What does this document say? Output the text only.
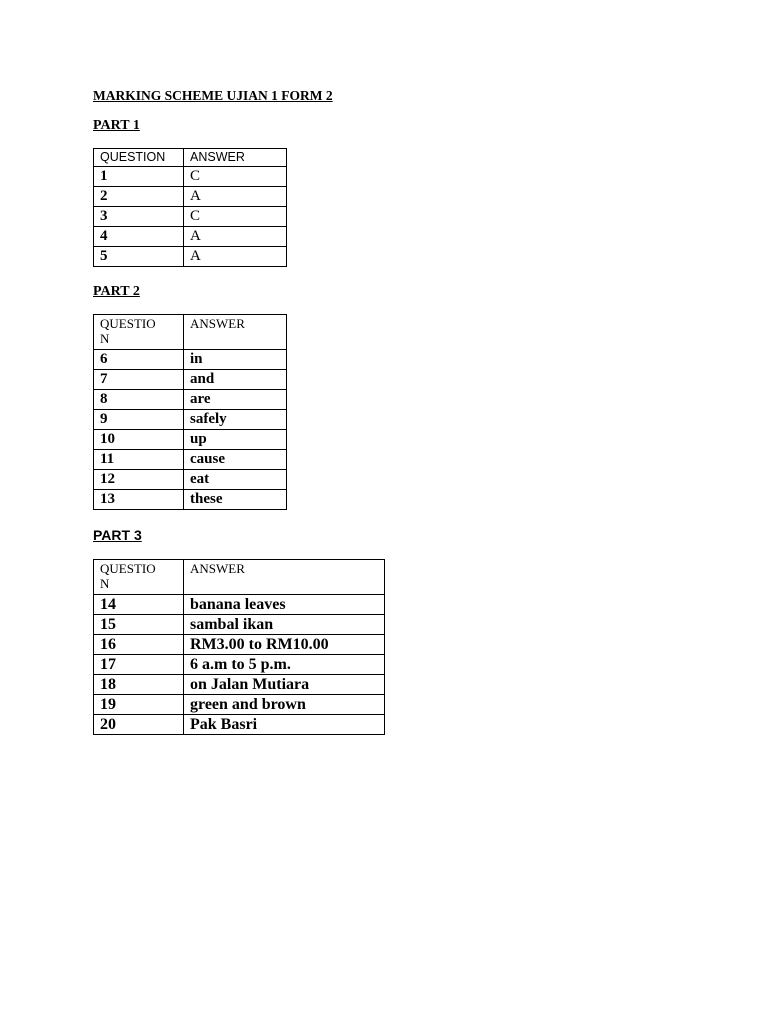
MARKING SCHEME UJIAN 1 FORM 2

PART 1

QUESTION	ANSWER
1	C
2	A
3	C
4	A
5	A

PART 2

QUESTION	ANSWER
6	in
7	and
8	are
9	safely
10	up
11	cause
12	eat
13	these

PART 3

QUESTION	ANSWER
14	banana leaves
15	sambal ikan
16	RM3.00 to RM10.00
17	6 a.m to 5 p.m.
18	on Jalan Mutiara
19	green and brown
20	Pak Basri
